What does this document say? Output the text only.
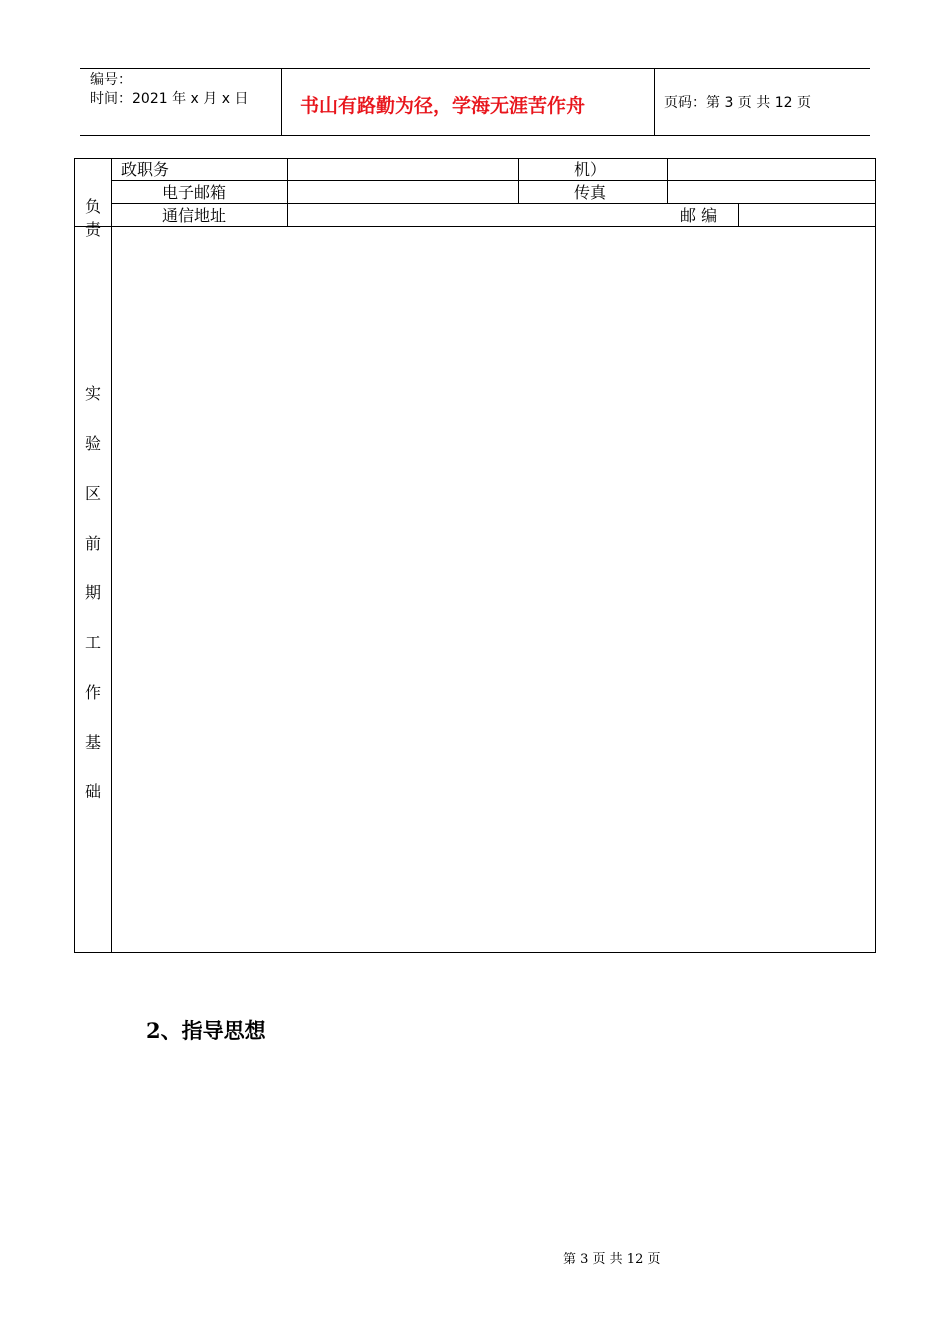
编号：
时间：2021 年 x 月 x 日	书山有路勤为径，学海无涯苦作舟	页码：第 3 页 共 12 页
政职务	机）
电子邮箱	传真
通信地址	邮 编
负
责
实
验
区
前
期
工
作
基
础
2、指导思想
第 3 页 共 12 页
